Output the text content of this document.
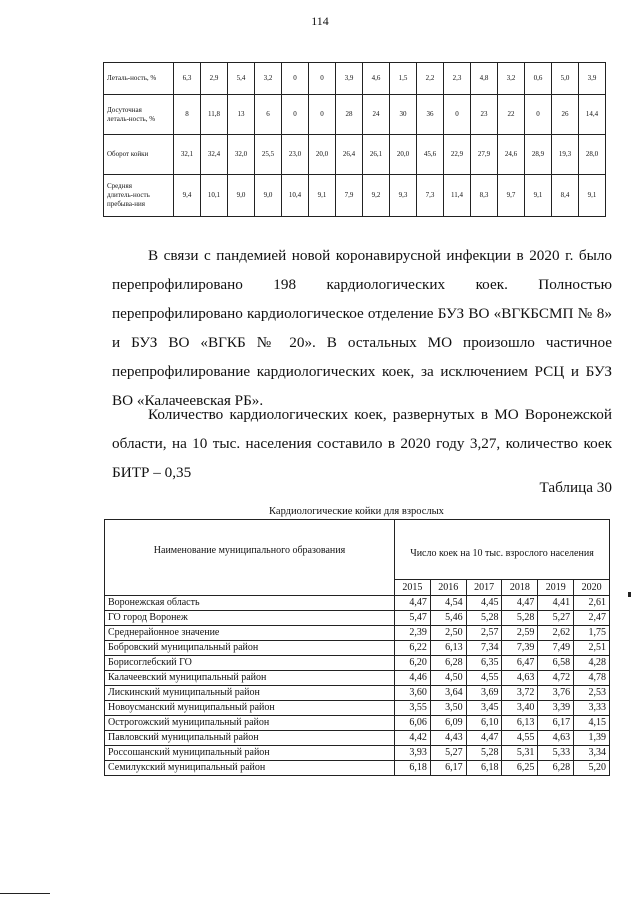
114
Леталь-ность, %	6,3	2,9	5,4	3,2	0	0	3,9	4,6	1,5	2,2	2,3	4,8	3,2	0,6	5,0	3,9
Досуточная
леталь-ность, %	8	11,8	13	6	0	0	28	24	30	36	0	23	22	0	26	14,4
Оборот койки	32,1	32,4	32,0	25,5	23,0	20,0	26,4	26,1	20,0	45,6	22,9	27,9	24,6	28,9	19,3	28,0
Средняя
длитель-ность
пребыва-ния	9,4	10,1	9,0	9,0	10,4	9,1	7,9	9,2	9,3	7,3	11,4	8,3	9,7	9,1	8,4	9,1

В связи с пандемией новой коронавирусной инфекции в 2020 г. было перепрофилировано 198 кардиологических коек. Полностью перепрофилировано кардиологическое отделение БУЗ ВО «ВГКБСМП № 8» и БУЗ ВО «ВГКБ № 20». В остальных МО произошло частичное перепрофилирование кардиологических коек, за исключением РСЦ и БУЗ ВО «Калачеевская РБ».

Количество кардиологических коек, развернутых в МО Воронежской области, на 10 тыс. населения составило в 2020 году 3,27, количество коек БИТР – 0,35

Таблица 30
Кардиологические койки для взрослых
Наименование муниципального образования	Число коек на 10 тыс. взрослого населения					
	2015	2016	2017	2018	2019	2020
Воронежская область	4,47	4,54	4,45	4,47	4,41	2,61
ГО город Воронеж	5,47	5,46	5,28	5,28	5,27	2,47
Среднерайонное значение	2,39	2,50	2,57	2,59	2,62	1,75
Бобровский муниципальный район	6,22	6,13	7,34	7,39	7,49	2,51
Борисоглебский ГО	6,20	6,28	6,35	6,47	6,58	4,28
Калачеевский муниципальный район	4,46	4,50	4,55	4,63	4,72	4,78
Лискинский муниципальный район	3,60	3,64	3,69	3,72	3,76	2,53
Новоусманский муниципальный район	3,55	3,50	3,45	3,40	3,39	3,33
Острогожский муниципальный район	6,06	6,09	6,10	6,13	6,17	4,15
Павловский муниципальный район	4,42	4,43	4,47	4,55	4,63	1,39
Россошанский муниципальный район	3,93	5,27	5,28	5,31	5,33	3,34
Семилукский муниципальный район	6,18	6,17	6,18	6,25	6,28	5,20
